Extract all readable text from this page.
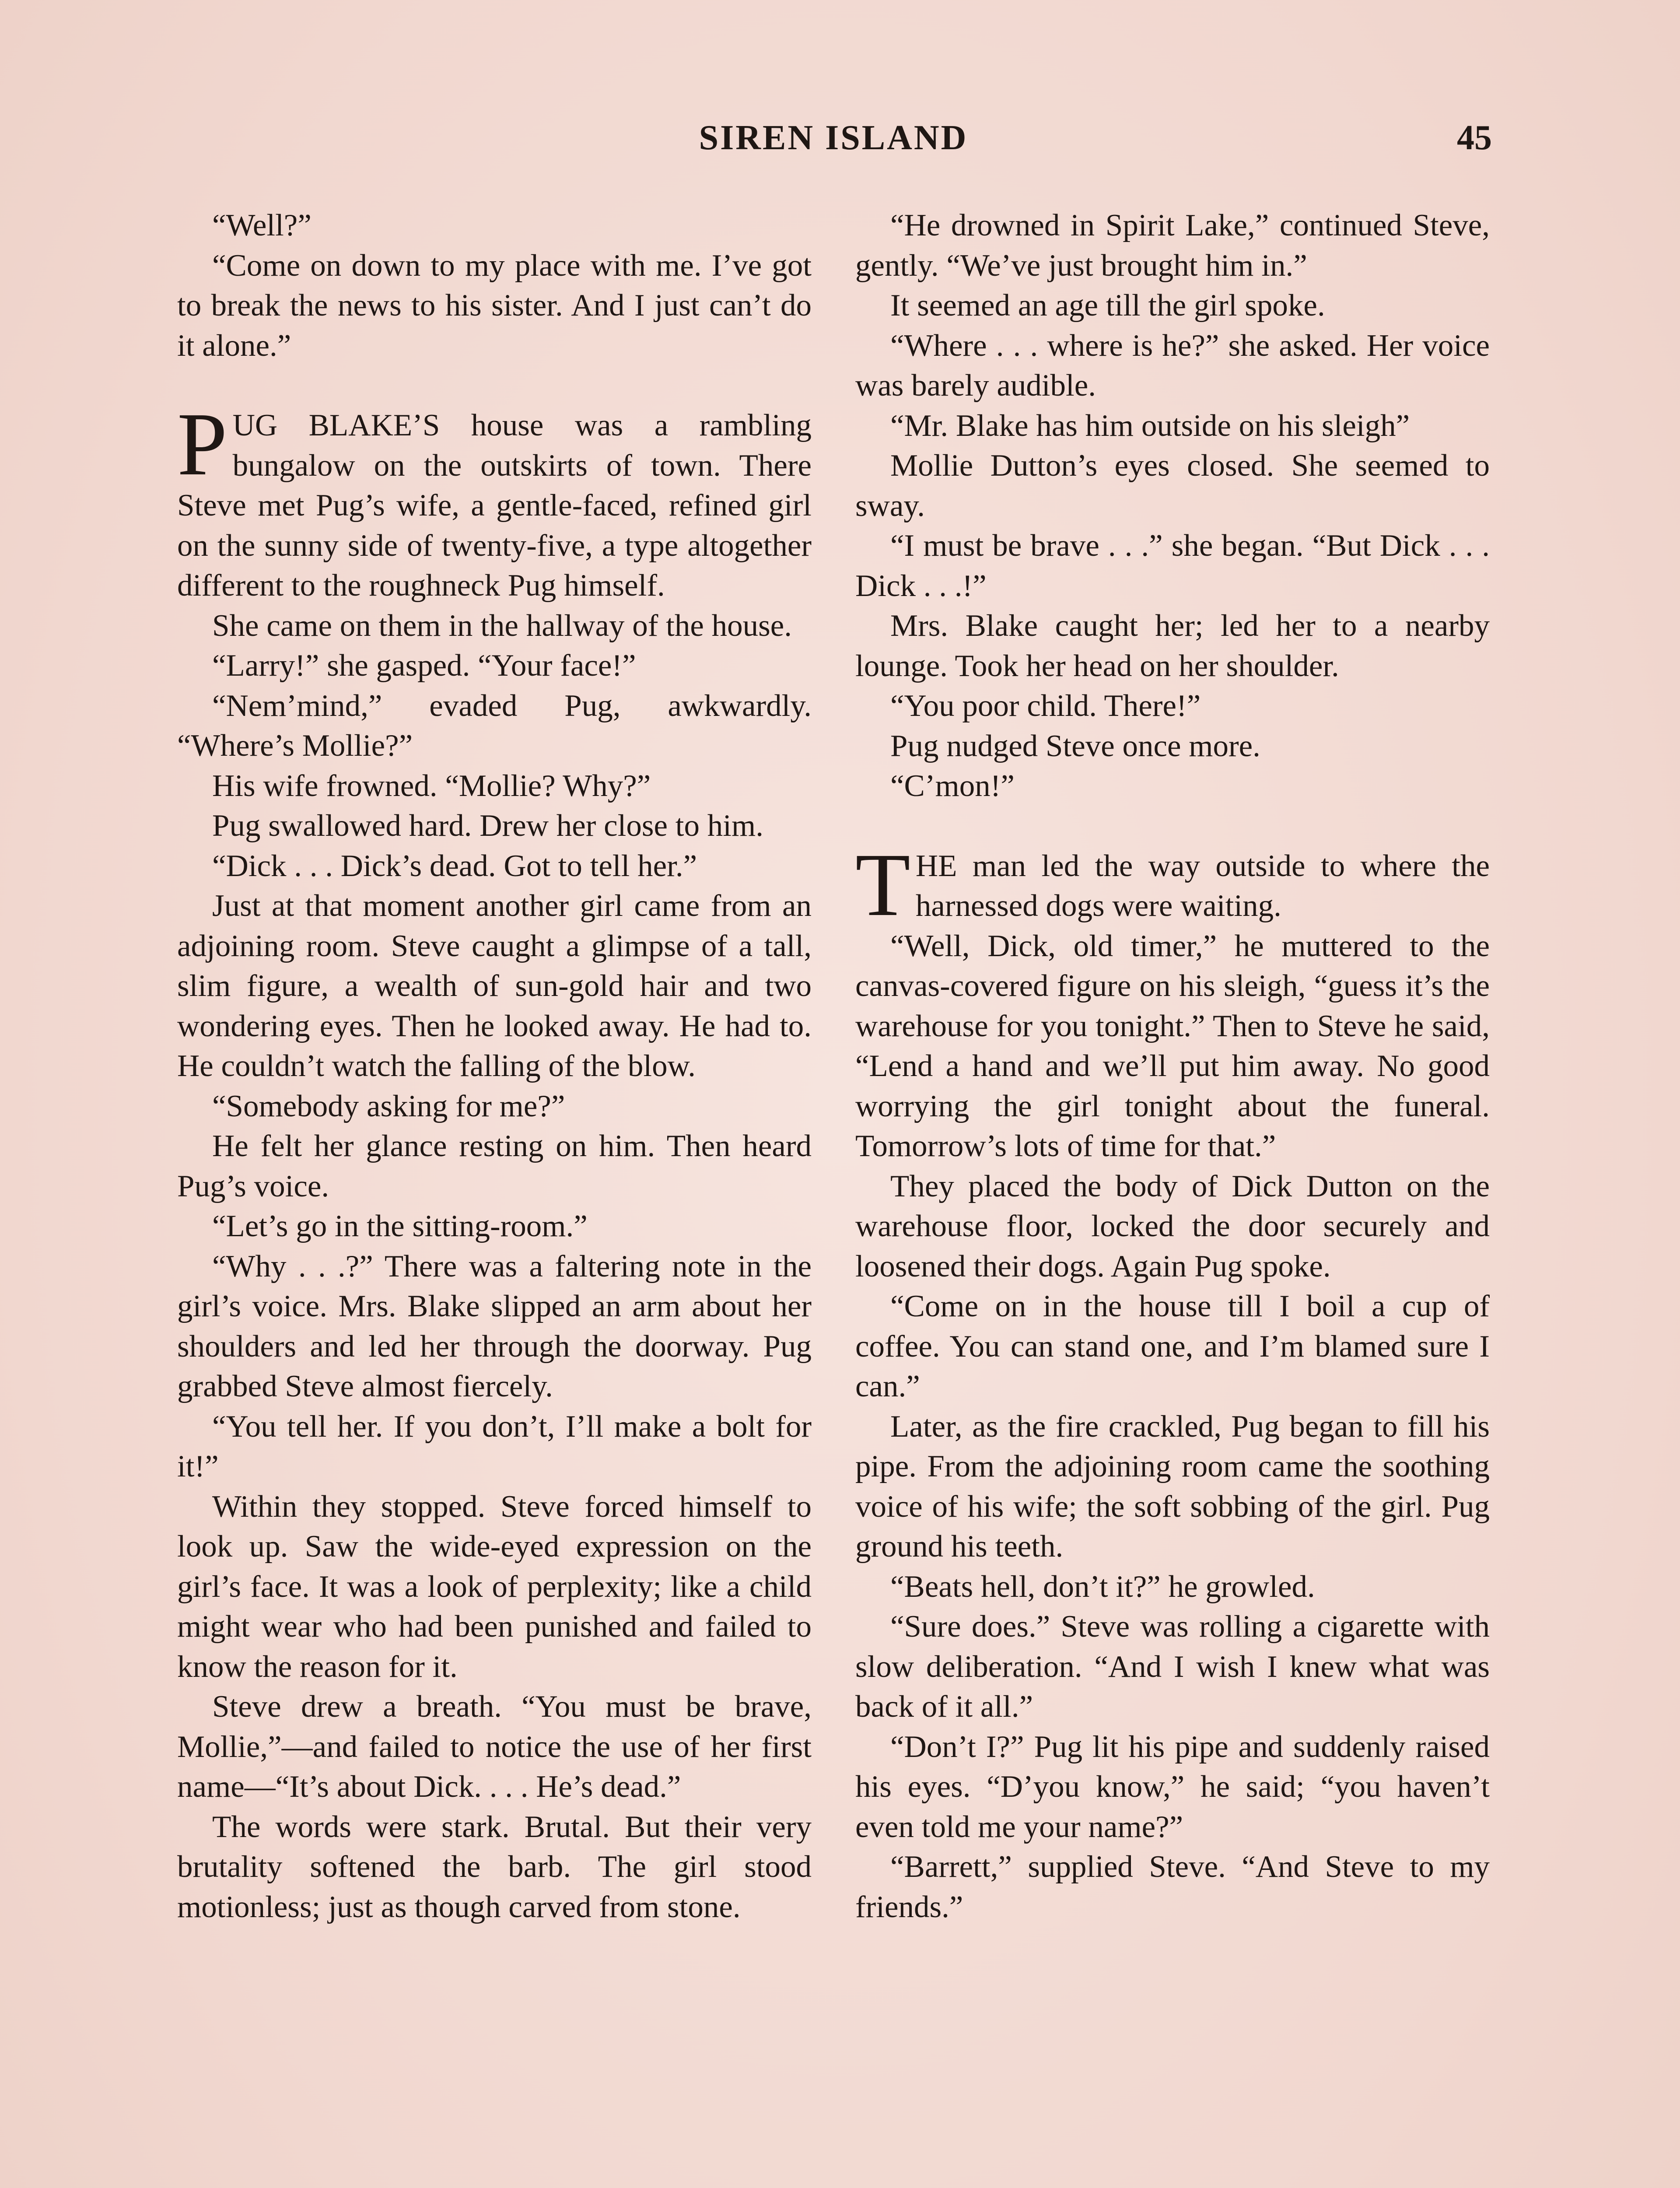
SIREN ISLAND	45

“Well?”

“Come on down to my place with me. I’ve got to break the news to his sister. And I just can’t do it alone.”

PUG BLAKE’S house was a rambling bungalow on the outskirts of town. There Steve met Pug’s wife, a gentle-faced, refined girl on the sunny side of twenty-five, a type altogether different to the roughneck Pug himself.

She came on them in the hallway of the house.

“Larry!” she gasped. “Your face!”

“Nem’mind,” evaded Pug, awkwardly. “Where’s Mollie?”

His wife frowned. “Mollie? Why?”

Pug swallowed hard. Drew her close to him.

“Dick . . . Dick’s dead. Got to tell her.”

Just at that moment another girl came from an adjoining room. Steve caught a glimpse of a tall, slim figure, a wealth of sun-gold hair and two wondering eyes. Then he looked away. He had to. He couldn’t watch the falling of the blow.

“Somebody asking for me?”

He felt her glance resting on him. Then heard Pug’s voice.

“Let’s go in the sitting-room.”

“Why . . .?” There was a faltering note in the girl’s voice. Mrs. Blake slipped an arm about her shoulders and led her through the doorway. Pug grabbed Steve almost fiercely.

“You tell her. If you don’t, I’ll make a bolt for it!”

Within they stopped. Steve forced himself to look up. Saw the wide-eyed expression on the girl’s face. It was a look of perplexity; like a child might wear who had been punished and failed to know the reason for it.

Steve drew a breath. “You must be brave, Mollie,”—and failed to notice the use of her first name—“It’s about Dick. . . . He’s dead.”

The words were stark. Brutal. But their very brutality softened the barb. The girl stood motionless; just as though carved from stone.

“He drowned in Spirit Lake,” continued Steve, gently. “We’ve just brought him in.”

It seemed an age till the girl spoke.

“Where . . . where is he?” she asked. Her voice was barely audible.

“Mr. Blake has him outside on his sleigh”

Mollie Dutton’s eyes closed. She seemed to sway.

“I must be brave . . .” she began. “But Dick . . . Dick . . .!”

Mrs. Blake caught her; led her to a nearby lounge. Took her head on her shoulder.

“You poor child. There!”

Pug nudged Steve once more.

“C’mon!”

THE man led the way outside to where the harnessed dogs were waiting.

“Well, Dick, old timer,” he muttered to the canvas-covered figure on his sleigh, “guess it’s the warehouse for you tonight.” Then to Steve he said, “Lend a hand and we’ll put him away. No good worrying the girl tonight about the funeral. Tomorrow’s lots of time for that.”

They placed the body of Dick Dutton on the warehouse floor, locked the door securely and loosened their dogs. Again Pug spoke.

“Come on in the house till I boil a cup of coffee. You can stand one, and I’m blamed sure I can.”

Later, as the fire crackled, Pug began to fill his pipe. From the adjoining room came the soothing voice of his wife; the soft sobbing of the girl. Pug ground his teeth.

“Beats hell, don’t it?” he growled.

“Sure does.” Steve was rolling a cigarette with slow deliberation. “And I wish I knew what was back of it all.”

“Don’t I?” Pug lit his pipe and suddenly raised his eyes. “D’you know,” he said; “you haven’t even told me your name?”

“Barrett,” supplied Steve. “And Steve to my friends.”
